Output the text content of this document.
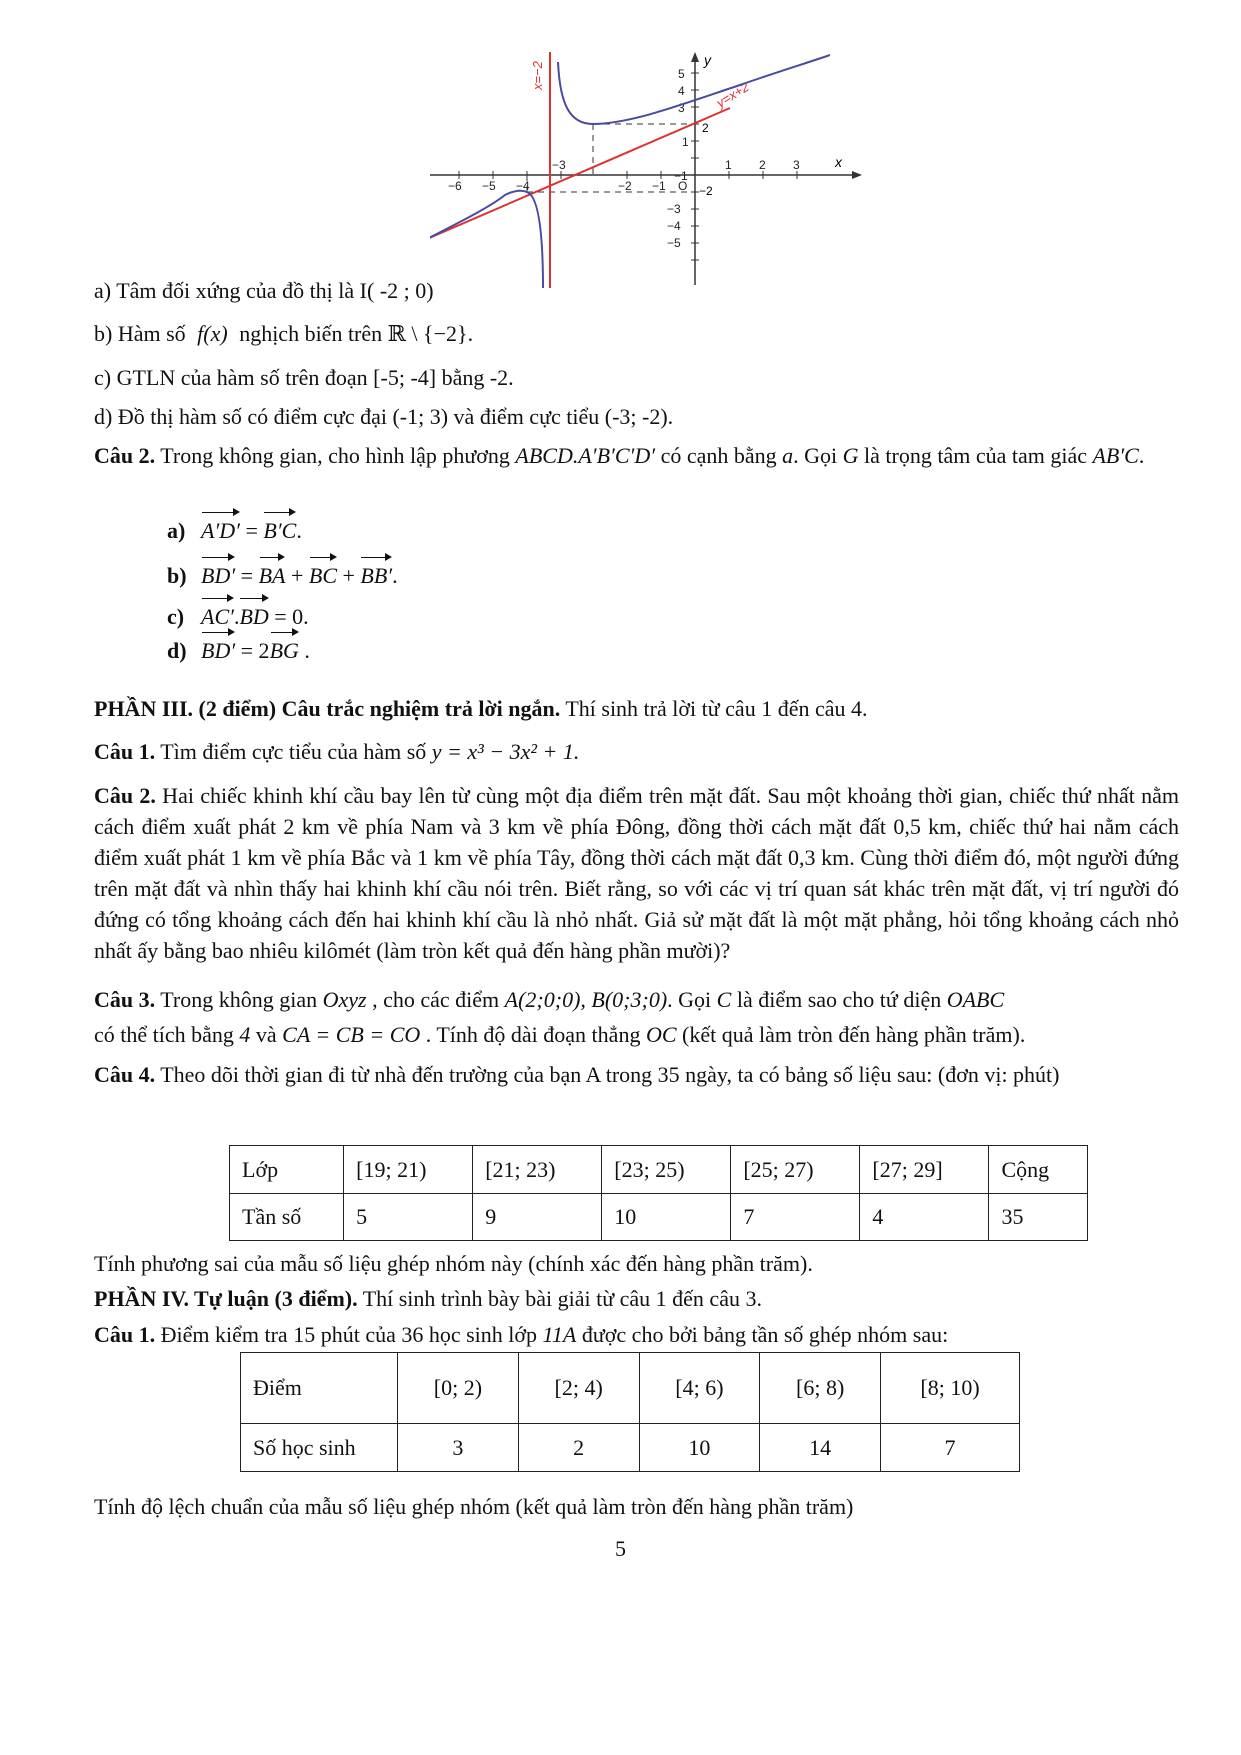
x
y
−6 −5 −4
−3
−2 −1 O
1 2 3
5
4
3
1
−1
−3
−4
−5
2
−2
x=−2
y=x+2
a) Tâm đối xứng của đồ thị là I( -2 ; 0)
b) Hàm số f(x) nghịch biến trên ℝ \ {−2}.
c) GTLN của hàm số trên đoạn [-5; -4] bằng -2.
d) Đồ thị hàm số có điểm cực đại (-1; 3) và điểm cực tiểu (-3; -2).
Câu 2. Trong không gian, cho hình lập phương ABCD.A′B′C′D′ có cạnh bằng a. Gọi G là trọng tâm của tam giác AB′C.
a) A′D′ = B′C.
b) BD′ = BA + BC + BB′.
c) AC′.BD = 0.
d) BD′ = 2BG .
PHẦN III. (2 điểm) Câu trắc nghiệm trả lời ngắn. Thí sinh trả lời từ câu 1 đến câu 4.
Câu 1. Tìm điểm cực tiểu của hàm số y = x³ − 3x² + 1.
Câu 2. Hai chiếc khinh khí cầu bay lên từ cùng một địa điểm trên mặt đất. Sau một khoảng thời gian, chiếc thứ nhất nằm cách điểm xuất phát 2 km về phía Nam và 3 km về phía Đông, đồng thời cách mặt đất 0,5 km, chiếc thứ hai nằm cách điểm xuất phát 1 km về phía Bắc và 1 km về phía Tây, đồng thời cách mặt đất 0,3 km. Cùng thời điểm đó, một người đứng trên mặt đất và nhìn thấy hai khinh khí cầu nói trên. Biết rằng, so với các vị trí quan sát khác trên mặt đất, vị trí người đó đứng có tổng khoảng cách đến hai khinh khí cầu là nhỏ nhất. Giả sử mặt đất là một mặt phẳng, hỏi tổng khoảng cách nhỏ nhất ấy bằng bao nhiêu kilômét (làm tròn kết quả đến hàng phần mười)?
Câu 3. Trong không gian Oxyz , cho các điểm A(2;0;0), B(0;3;0). Gọi C là điểm sao cho tứ diện OABC
có thể tích bằng 4 và CA = CB = CO . Tính độ dài đoạn thẳng OC (kết quả làm tròn đến hàng phần trăm).
Câu 4. Theo dõi thời gian đi từ nhà đến trường của bạn A trong 35 ngày, ta có bảng số liệu sau: (đơn vị: phút)
Lớp	[19; 21)	[21; 23)	[23; 25)	[25; 27)	[27; 29]	Cộng
Tần số	5	9	10	7	4	35
Tính phương sai của mẫu số liệu ghép nhóm này (chính xác đến hàng phần trăm).
PHẦN IV. Tự luận (3 điểm). Thí sinh trình bày bài giải từ câu 1 đến câu 3.
Câu 1. Điểm kiểm tra 15 phút của 36 học sinh lớp 11A được cho bởi bảng tần số ghép nhóm sau:
Điểm	[0; 2)	[2; 4)	[4; 6)	[6; 8)	[8; 10)
Số học sinh	3	2	10	14	7
Tính độ lệch chuẩn của mẫu số liệu ghép nhóm (kết quả làm tròn đến hàng phần trăm)
5
